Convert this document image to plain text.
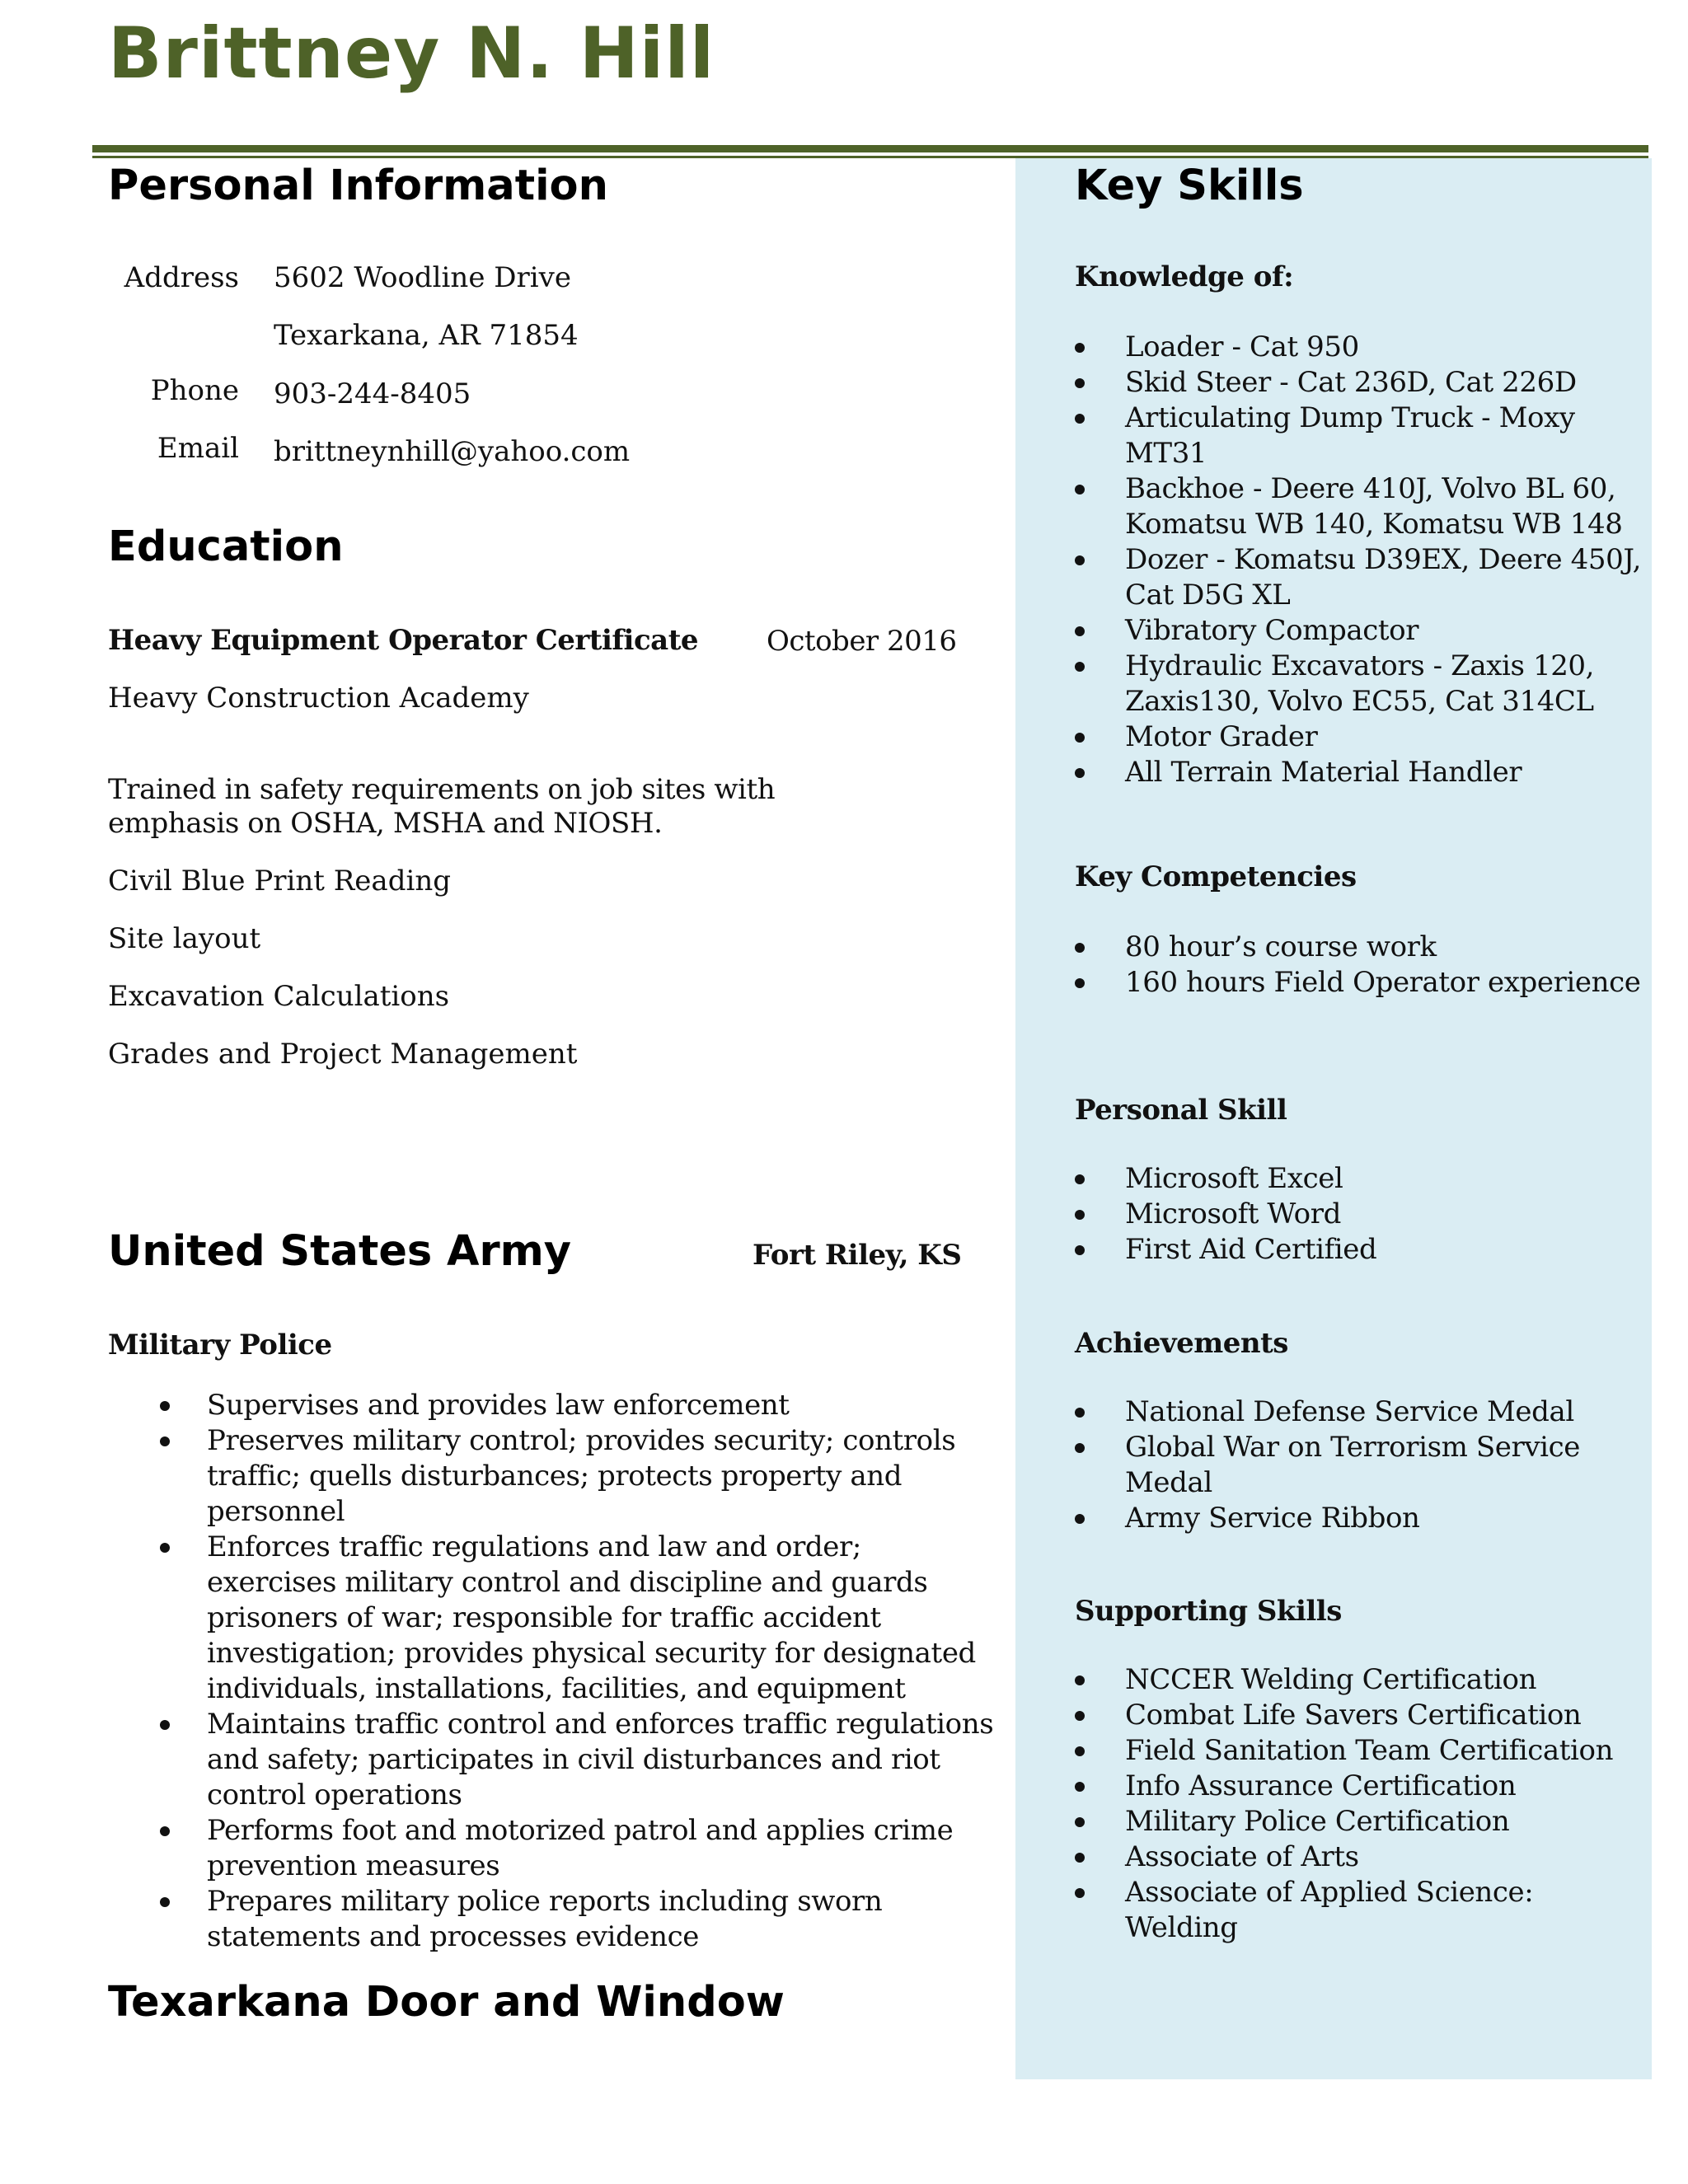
Brittney N. Hill
Personal Information
Address 5602 Woodline Drive
Texarkana, AR 71854
Phone 903-244-8405
Email brittneynhill@yahoo.com
Education
Heavy Equipment Operator Certificate October 2016
Heavy Construction Academy
Trained in safety requirements on job sites with
emphasis on OSHA, MSHA and NIOSH.
Civil Blue Print Reading
Site layout
Excavation Calculations
Grades and Project Management
United States Army	Fort Riley, KS
Military Police
Supervises and provides law enforcement
Preserves military control; provides security; controls traffic; quells disturbances; protects property and personnel
Enforces traffic regulations and law and order; exercises military control and discipline and guards prisoners of war; responsible for traffic accident investigation; provides physical security for designated individuals, installations, facilities, and equipment
Maintains traffic control and enforces traffic regulations and safety; participates in civil disturbances and riot control operations
Performs foot and motorized patrol and applies crime prevention measures
Prepares military police reports including sworn statements and processes evidence
Texarkana Door and Window
Key Skills
Knowledge of:
Loader - Cat 950
Skid Steer - Cat 236D, Cat 226D
Articulating Dump Truck - Moxy MT31
Backhoe - Deere 410J, Volvo BL 60, Komatsu WB 140, Komatsu WB 148
Dozer - Komatsu D39EX, Deere 450J, Cat D5G XL
Vibratory Compactor
Hydraulic Excavators - Zaxis 120, Zaxis130, Volvo EC55, Cat 314CL
Motor Grader
All Terrain Material Handler
Key Competencies
80 hour’s course work
160 hours Field Operator experience
Personal Skill
Microsoft Excel
Microsoft Word
First Aid Certified
Achievements
National Defense Service Medal
Global War on Terrorism Service Medal
Army Service Ribbon
Supporting Skills
NCCER Welding Certification
Combat Life Savers Certification
Field Sanitation Team Certification
Info Assurance Certification
Military Police Certification
Associate of Arts
Associate of Applied Science: Welding
